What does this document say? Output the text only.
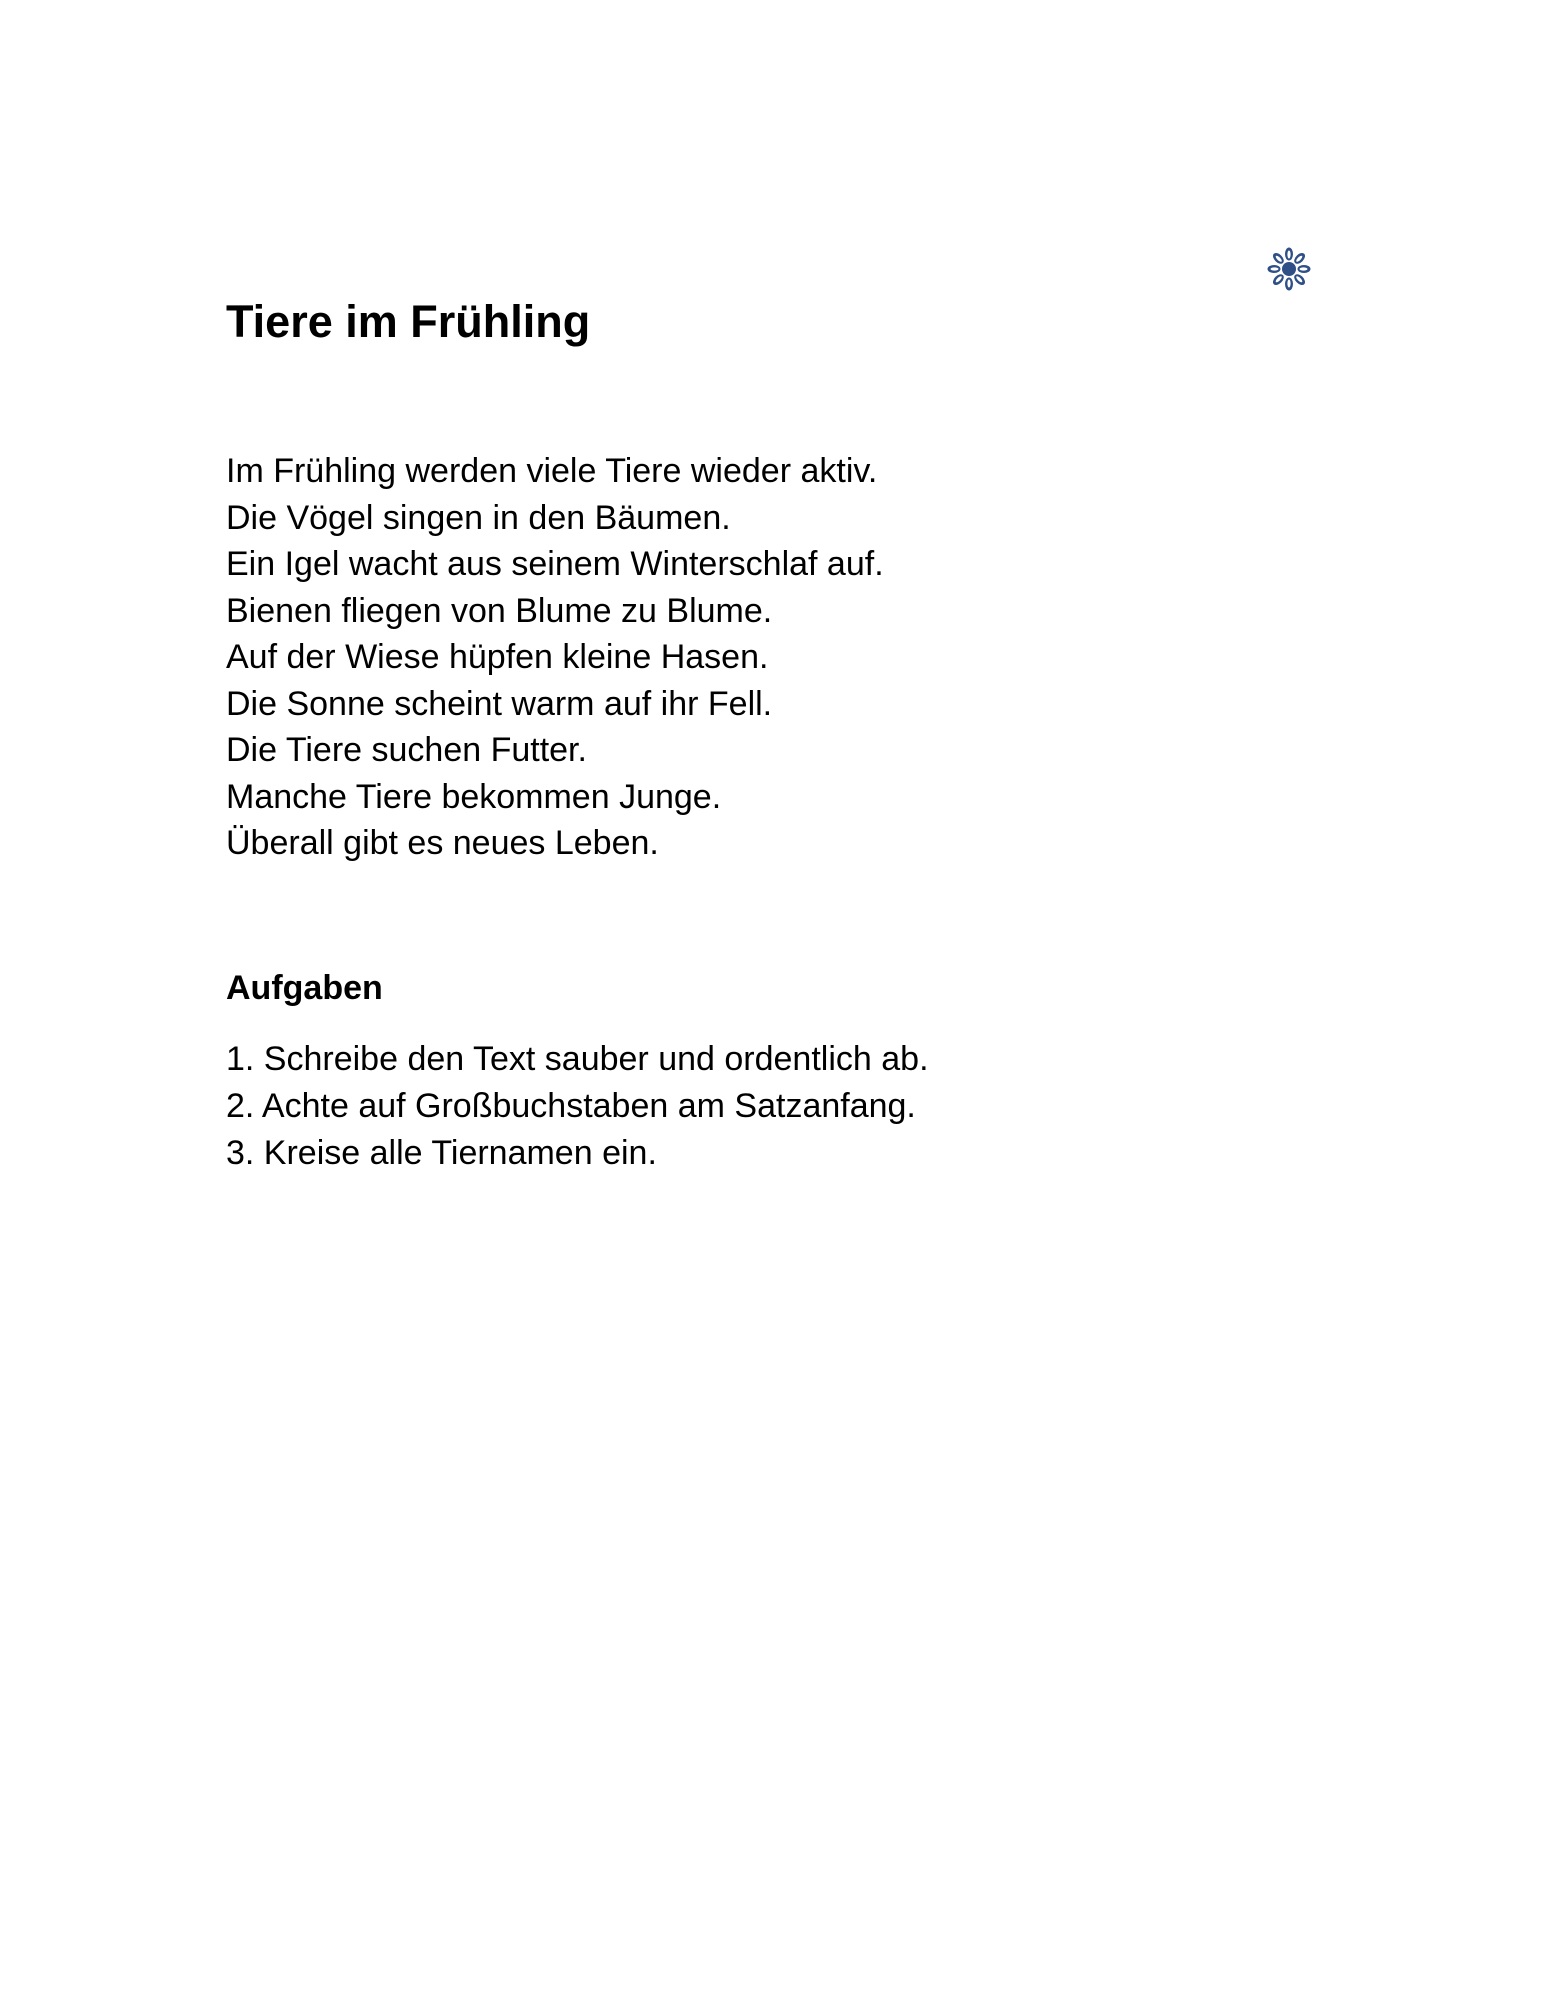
Tiere im Frühling
Im Frühling werden viele Tiere wieder aktiv.
Die Vögel singen in den Bäumen.
Ein Igel wacht aus seinem Winterschlaf auf.
Bienen fliegen von Blume zu Blume.
Auf der Wiese hüpfen kleine Hasen.
Die Sonne scheint warm auf ihr Fell.
Die Tiere suchen Futter.
Manche Tiere bekommen Junge.
Überall gibt es neues Leben.
Aufgaben
1. Schreibe den Text sauber und ordentlich ab.
2. Achte auf Großbuchstaben am Satzanfang.
3. Kreise alle Tiernamen ein.
